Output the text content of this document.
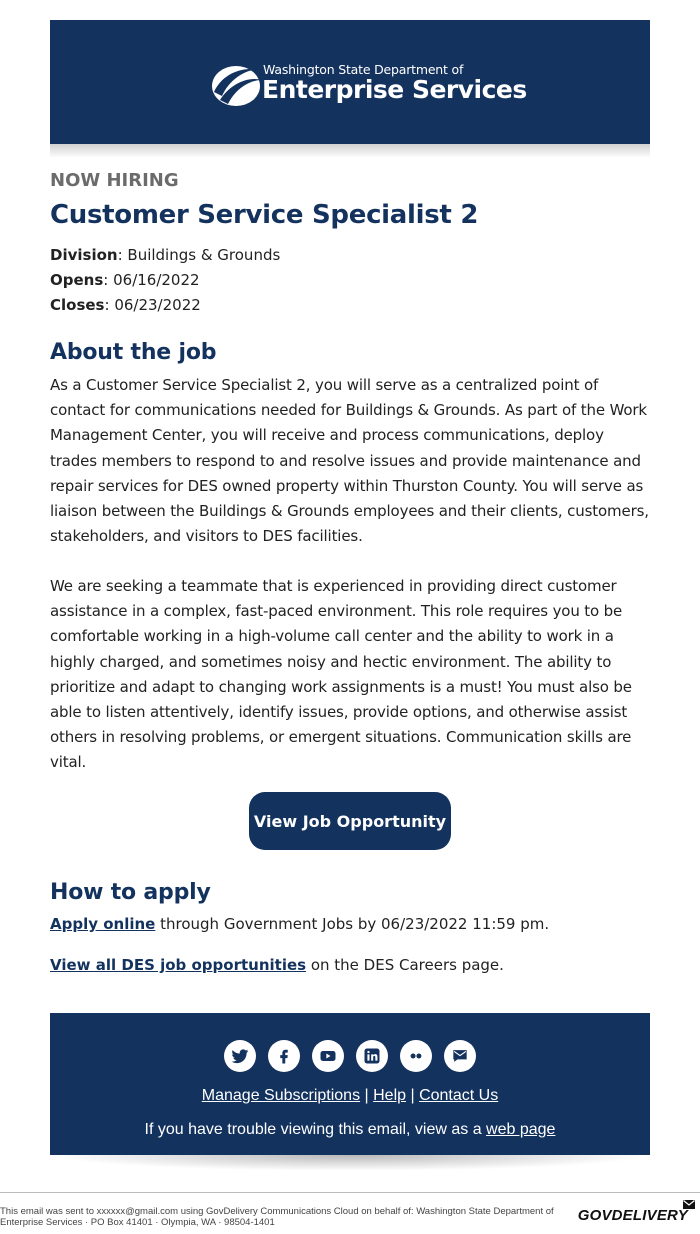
Washington State Department of
Enterprise Services
NOW HIRING
Customer Service Specialist 2
Division: Buildings & Grounds
Opens: 06/16/2022
Closes: 06/23/2022
About the job

As a Customer Service Specialist 2, you will serve as a centralized point of contact for communications needed for Buildings & Grounds. As part of the Work Management Center, you will receive and process communications, deploy trades members to respond to and resolve issues and provide maintenance and repair services for DES owned property within Thurston County. You will serve as liaison between the Buildings & Grounds employees and their clients, customers, stakeholders, and visitors to DES facilities.

We are seeking a teammate that is experienced in providing direct customer assistance in a complex, fast-paced environment. This role requires you to be comfortable working in a high-volume call center and the ability to work in a highly charged, and sometimes noisy and hectic environment. The ability to prioritize and adapt to changing work assignments is a must! You must also be able to listen attentively, identify issues, provide options, and otherwise assist others in resolving problems, or emergent situations. Communication skills are vital.

View Job Opportunity
How to apply
Apply online through Government Jobs by 06/23/2022 11:59 pm.
View all DES job opportunities on the DES Careers page.
Manage Subscriptions | Help | Contact Us
If you have trouble viewing this email, view as a web page
This email was sent to xxxxxx@gmail.com using GovDelivery Communications Cloud on behalf of: Washington State Department of Enterprise Services · PO Box 41401 · Olympia, WA · 98504-1401	GOVDELIVERY
